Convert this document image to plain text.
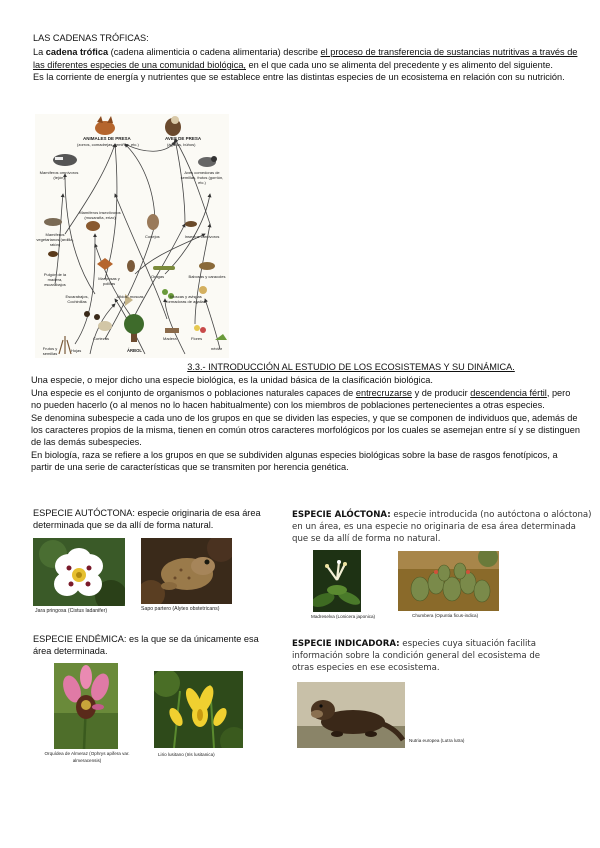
LAS CADENAS TRÓFICAS:

La cadena trófica (cadena alimenticia o cadena alimentaria) describe el proceso de transferencia de sustancias nutritivas a través de las diferentes especies de una comunidad biológica, en el que cada uno se alimenta del precedente y es alimento del siguiente.

Es la corriente de energía y nutrientes que se establece entre las distintas especies de un ecosistema en relación con su nutrición.

ANIMALES DE PRESA
(zorros, comadrejas, armiños, etc.)
AVES DE PRESA
(águilas, búhos)
Mamíferos omnívoros (tejón)
Aves comedoras de semillas, frutos (gorrión, etc.)
Mamíferos insectívoros (musaraña, erizo)
Mamíferos vegetarianos (ardilla, ratón)
Conejos	Insectos carnívoros
Pulgón de la madera, escarabajos
Mariposas y polillas
Orugas	Babosas y caracoles
Escarabajos, Cochinillas
Áfidos, moscas	Moscas y avispas formadoras de agallas
Frutos y semillas
Hojas
Cortezas
ÁRBOL
Madera	Flores
néctar

3.3.- INTRODUCCIÓN AL ESTUDIO DE LOS ECOSISTEMAS Y SU DINÁMICA.

Una especie, o mejor dicho una especie biológica, es la unidad básica de la clasificación biológica.

Una especie es el conjunto de organismos o poblaciones naturales capaces de entrecruzarse y de producir descendencia fértil, pero no pueden hacerlo (o al menos no lo hacen habitualmente) con los miembros de poblaciones pertenecientes a otras especies.

Se denomina subespecie a cada uno de los grupos en que se dividen las especies, y que se componen de individuos que, además de los caracteres propios de la misma, tienen en común otros caracteres morfológicos por los cuales se asemejan entre sí y se distinguen de las demás subespecies.

En biología, raza se refiere a los grupos en que se subdividen algunas especies biológicas sobre la base de rasgos fenotípicos, a partir de una serie de características que se transmiten por herencia genética.

ESPECIE AUTÓCTONA: especie originaria de esa área determinada que se da allí de forma natural.
Jara pringosa (Cistus ladanifer)	Sapo partero (Alytes obstetricans)
ESPECIE ALÓCTONA: especie introducida (no autóctona o alóctona) en un área, es una especie no originaria de esa área determinada que se da allí de forma no natural.
Madreselva (Lonicera japonica)	Chumbera (Opuntia ficus-indica)
ESPECIE ENDÉMICA: es la que se da únicamente esa área determinada.
Orquídea de Almeraz (Ophrys apifera var. almeracensis)
Lirio lusitano (Iris lusitanica)
ESPECIE INDICADORA: especies cuya situación facilita información sobre la condición general del ecosistema de otras especies en ese ecosistema.
Nutria europea (Lutra lutra)
